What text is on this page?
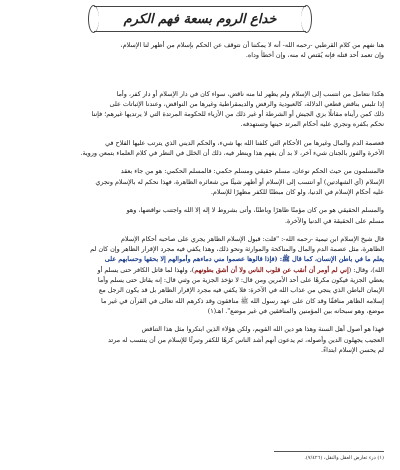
خداع الروم بسعة فهم الكرم
هنا نفهم من كلام القرطبي -رحمه الله- أنه لا يمكننا أن نتوقف عن الحكم بإسلام من أظهر لنا الإسلام،
وإن تعمد أحد قتله فإنه يُقتص له منه، وإن أخطأ وداه.
هكذا نتعامل من انتسب إلى الإسلام ولم يظهر لنا منه ناقض، سواء كان في دار الإسلام أو دار كفر، وأما
إذا تلبس بناقض قطعي الدلالة، كالعبودية والرفض والديمقراطية وغيرها من النواقض، وعندنا الإثباتات على
ذلك كمن رأيناه مقاتلًا بزي الجيش أو الشرطة أو غير ذلك من الأزياء للحكومة المرتدة التي لا يرتديها غيرهم؛ فإننا
نحكم بكفره ونجري عليه أحكام المرتد حينها وتستهدفه.
فعصمة الدم والمال وغيرها من الأحكام التي كلفنا الله بها شيء، والحكم الديني الذي يترتب عليها الفلاح في
الآخرة والفوز بالجنان شيء آخر، لا بد أن يفهم هذا وينظر فيه، ذلك أن الخلل في النظر في كلام العلماء بتمعن وروية.
فالمسلمون من حيث الحكم نوعان، مسلم حقيقي ومسلم حكمي: فالمسلم الحكمي: هو من جاء بعقد
الإسلام (أي الشهادتين) أو انتسب إلى الإسلام أو أظهر شيئًا من شعائره الظاهرة، فهذا نحكم له بالإسلام ونجري
عليه أحكام الإسلام في الدنيا، ولو كان مبطنًا للكفر مظهرًا للإسلام.
والمسلم الحقيقي هو من كان مؤمنًا ظاهرًا وباطنًا، وأتى بشروط لا إله إلا الله واجتنب نواقضها، وهو
مسلم على الحقيقة في الدنيا والآخرة.
قال شيخ الإسلام ابن تيمية -رحمه الله-: "قلت: قبول الإسلام الظاهر يجري على صاحبه أحكام الإسلام
الظاهرة، مثل عصمة الدم والمال والمناكحة والموارثة ونحو ذلك، وهذا يكفي فيه مجرد الإقرار الظاهر وإن كان لم
يعلم ما في باطن الإنسان، كما قال ﷺ: (فإذا قالوها عصموا مني دماءهم وأموالهم إلا بحقها وحسابهم على
الله)، وقال: (إني لم أومر أن أنقب عن قلوب الناس ولا أن أشق بطونهم)، ولهذا لما قاتل الكافر حتى يسلم أو
يعطي الجزية فيكون مكرهًا على أحد الأمرين ومن قال: لا تؤخذ الجزية من وثني قال: إنه يقاتل حتى يسلم وأما
الإيمان الباطن الذي ينجي من عذاب الله في الآخرة: فلا يكفي فيه مجرد الإقرار الظاهر بل قد يكون الرجل مع
إسلامه الظاهر منافقًا وقد كان على عهد رسول الله ﷺ منافقون وقد ذكرهم الله تعالى في القرآن في غير ما
موضع، وهو سبحانه بين المؤمنين والمنافقين في غير موضع". اهـ(١)
فهذا هو أصول أهل السنة وهذا هو دين الله القويم، ولكن هؤلاء الذين ابتكروا مثل هذا التناقض
العجيب يجهلون الدين وأصوله، ثم يدعون أنهم أشد الناس كرهًا للكفر وتبرئًا للإسلام من أن ينتسب له مرتد
لم يحسن الإسلام ابتداءً.
(١) درء تعارض العقل والنقل، (٧/٤٢٦).
